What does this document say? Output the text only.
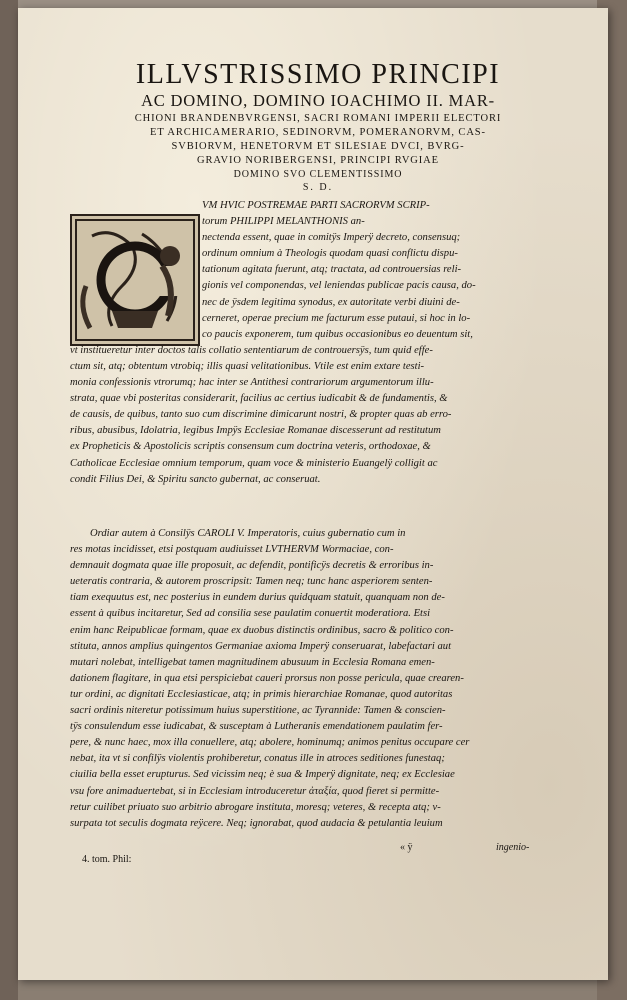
ILLVSTRISSIMO PRINCIPI
AC DOMINO, DOMINO IOACHIMO II. MAR-
CHIONI BRANDENBVRGENSI, SACRI ROMANI IMPERII ELECTORI
ET ARCHICAMERARIO, SEDINORVM, POMERANORVM, CAS-
SVBIORVM, HENETORVM ET SILESIAE DVCI, BVRG-
GRAVIO NORIBERGENSI, PRINCIPI RVGIAE
DOMINO SVO CLEMENTISSIMO
S. D.
VM HVIC POSTREMAE PARTI SACRORVM SCRIP-
torum PHILIPPI MELANTHONIS an-
nectenda essent, quae in comitÿs Imperÿ decreto, consensuq;
ordinum omnium à Theologis quodam quasi conflictu dispu-
tationum agitata fuerunt, atq; tractata, ad controuersias reli-
gionis vel componendas, vel leniendas publicae pacis causa, do-
nec de ÿsdem legitima synodus, ex autoritate verbi diuini de-
cerneret, operae precium me facturum esse putaui, si hoc in lo-
co paucis exponerem, tum quibus occasionibus eo deuentum sit,
vt institueretur inter doctos talis collatio sententiarum de controuersÿs, tum quid effe-
ctum sit, atq; obtentum vtrobiq; illis quasi velitationibus. Vtile est enim extare testi-
monia confessionis vtrorumq; hac inter se Antithesi contrariorum argumentorum illu-
strata, quae vbi posteritas considerarit, facilius ac certius iudicabit & de fundamentis, &
de causis, de quibus, tanto suo cum discrimine dimicarunt nostri, & propter quas ab erro-
ribus, abusibus, Idolatria, legibus Impÿs Ecclesiae Romanae discesserunt ad restitutum
ex Propheticis & Apostolicis scriptis consensum cum doctrina veteris, orthodoxae, &
Catholicae Ecclesiae omnium temporum, quam voce & ministerio Euangelÿ colligit ac
condit Filius Dei, & Spiritu sancto gubernat, ac conseruat.
Ordiar autem à Consilÿs CAROLI V. Imperatoris, cuius gubernatio cum in
res motas incidisset, etsi postquam audiuisset LVTHERVM Wormaciae, con-
demnauit dogmata quae ille proposuit, ac defendit, pontificÿs decretis & erroribus in-
ueteratis contraria, & autorem proscripsit: Tamen neq; tunc hanc asperiorem senten-
tiam exequutus est, nec posterius in eundem durius quidquam statuit, quanquam non de-
essent à quibus incitaretur, Sed ad consilia sese paulatim conuertit moderatiora. Etsi
enim hanc Reipublicae formam, quae ex duobus distinctis ordinibus, sacro & politico con-
stituta, annos amplius quingentos Germaniae axioma Imperÿ conseruarat, labefactari aut
mutari nolebat, intelligebat tamen magnitudinem abusuum in Ecclesia Romana emen-
dationem flagitare, in qua etsi perspiciebat caueri prorsus non posse pericula, quae crearen-
tur ordini, ac dignitati Ecclesiasticae, atq; in primis hierarchiae Romanae, quod autoritas
sacri ordinis niteretur potissimum huius superstitione, ac Tyrannide: Tamen & conscien-
tÿs consulendum esse iudicabat, & susceptam à Lutheranis emendationem paulatim fer-
pere, & nunc haec, mox illa conuellere, atq; abolere, hominumq; animos penitus occupare cer
nebat, ita vt si confilÿs violentis prohiberetur, conatus ille in atroces seditiones funestaq;
ciuilia bella esset erupturus. Sed vicissim neq; è sua & Imperÿ dignitate, neq; ex Ecclesiae
vsu fore animaduertebat, si in Ecclesiam introduceretur ἀταξία, quod fieret si permitte-
retur cuilibet priuato suo arbitrio abrogare instituta, moresq; veteres, & recepta atq; v-
surpata tot seculis dogmata reÿcere. Neq; ignorabat, quod audacia & petulantia leuium
4. tom. Phil:
« ÿ	ingenio-
